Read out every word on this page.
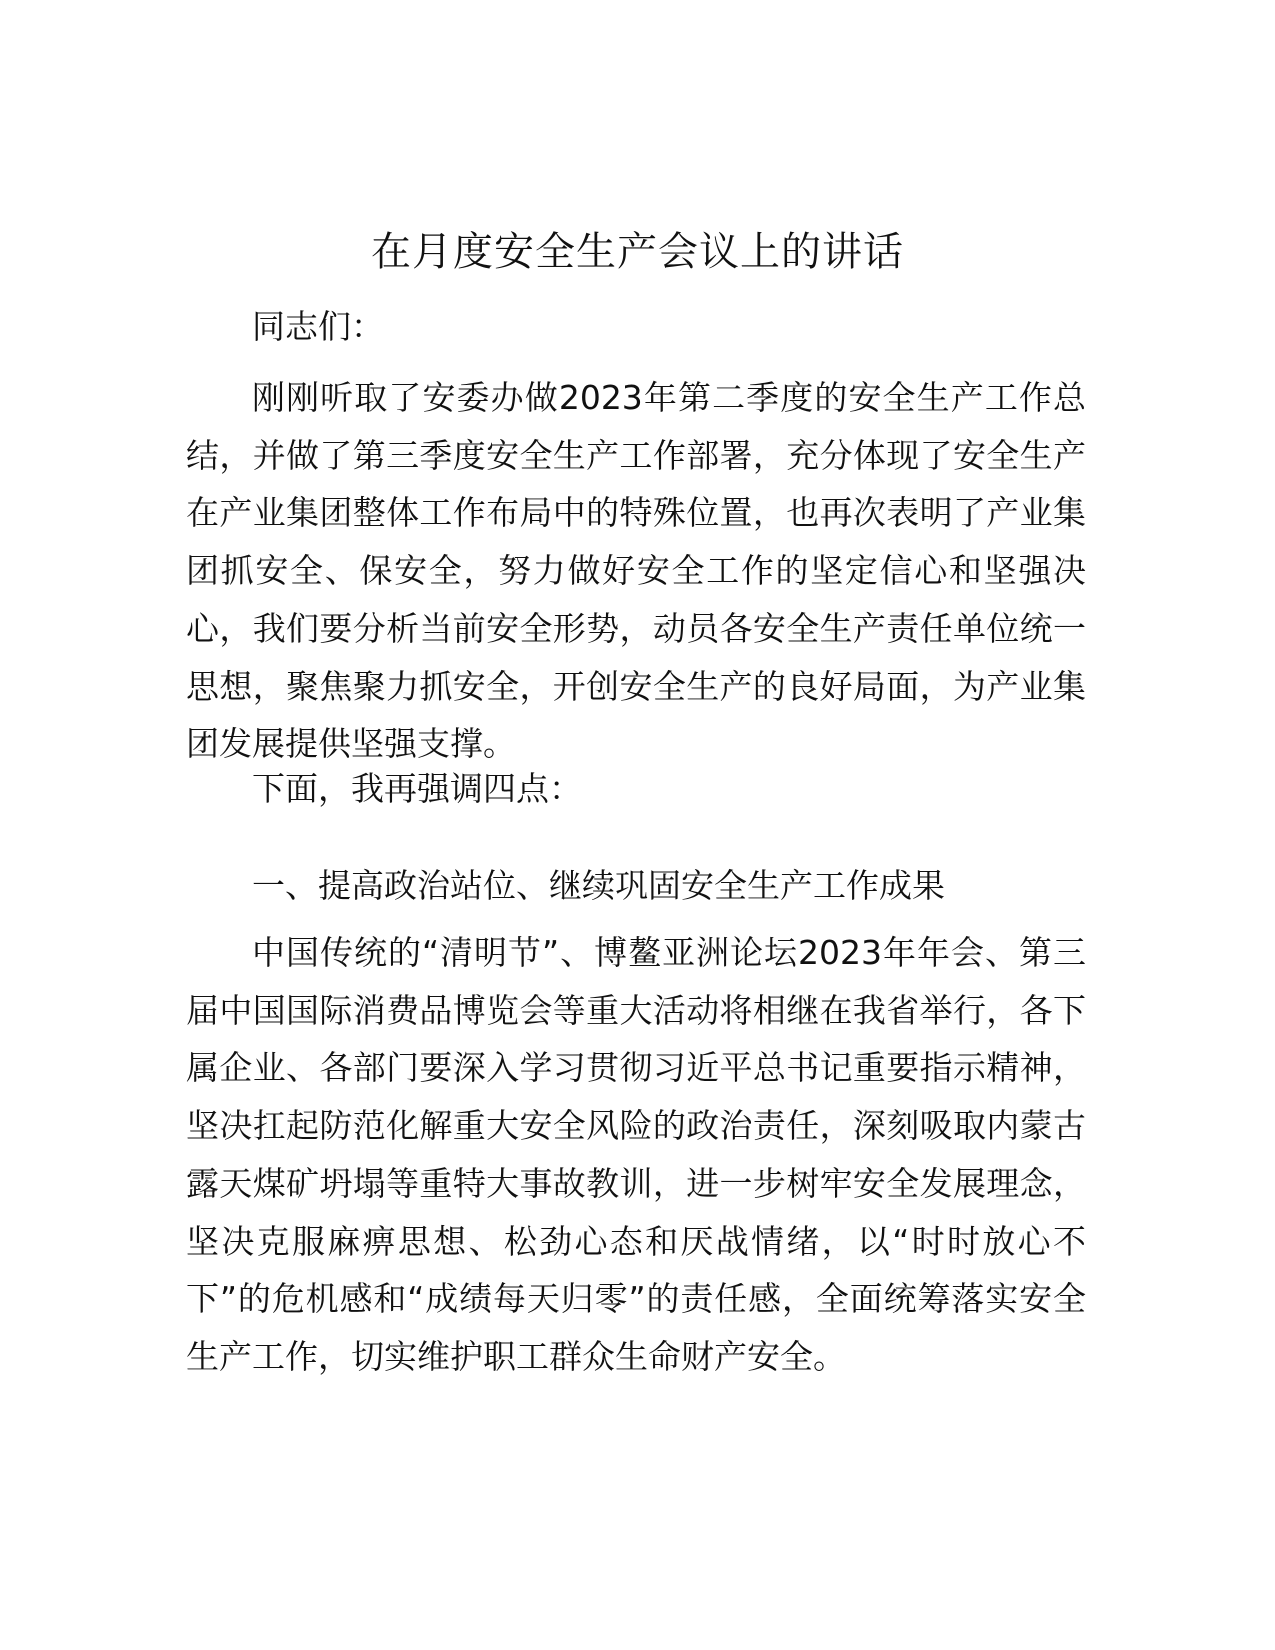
在月度安全生产会议上的讲话

同志们：

刚刚听取了安委办做2023年第二季度的安全生产工作总结，并做了第三季度安全生产工作部署，充分体现了安全生产在产业集团整体工作布局中的特殊位置，也再次表明了产业集团抓安全、保安全，努力做好安全工作的坚定信心和坚强决心，我们要分析当前安全形势，动员各安全生产责任单位统一思想，聚焦聚力抓安全，开创安全生产的良好局面，为产业集团发展提供坚强支撑。

下面，我再强调四点：

一、提高政治站位、继续巩固安全生产工作成果

中国传统的“清明节”、博鳌亚洲论坛2023年年会、第三届中国国际消费品博览会等重大活动将相继在我省举行，各下属企业、各部门要深入学习贯彻习近平总书记重要指示精神，坚决扛起防范化解重大安全风险的政治责任，深刻吸取内蒙古露天煤矿坍塌等重特大事故教训，进一步树牢安全发展理念，坚决克服麻痹思想、松劲心态和厌战情绪，以“时时放心不下”的危机感和“成绩每天归零”的责任感，全面统筹落实安全生产工作，切实维护职工群众生命财产安全。
